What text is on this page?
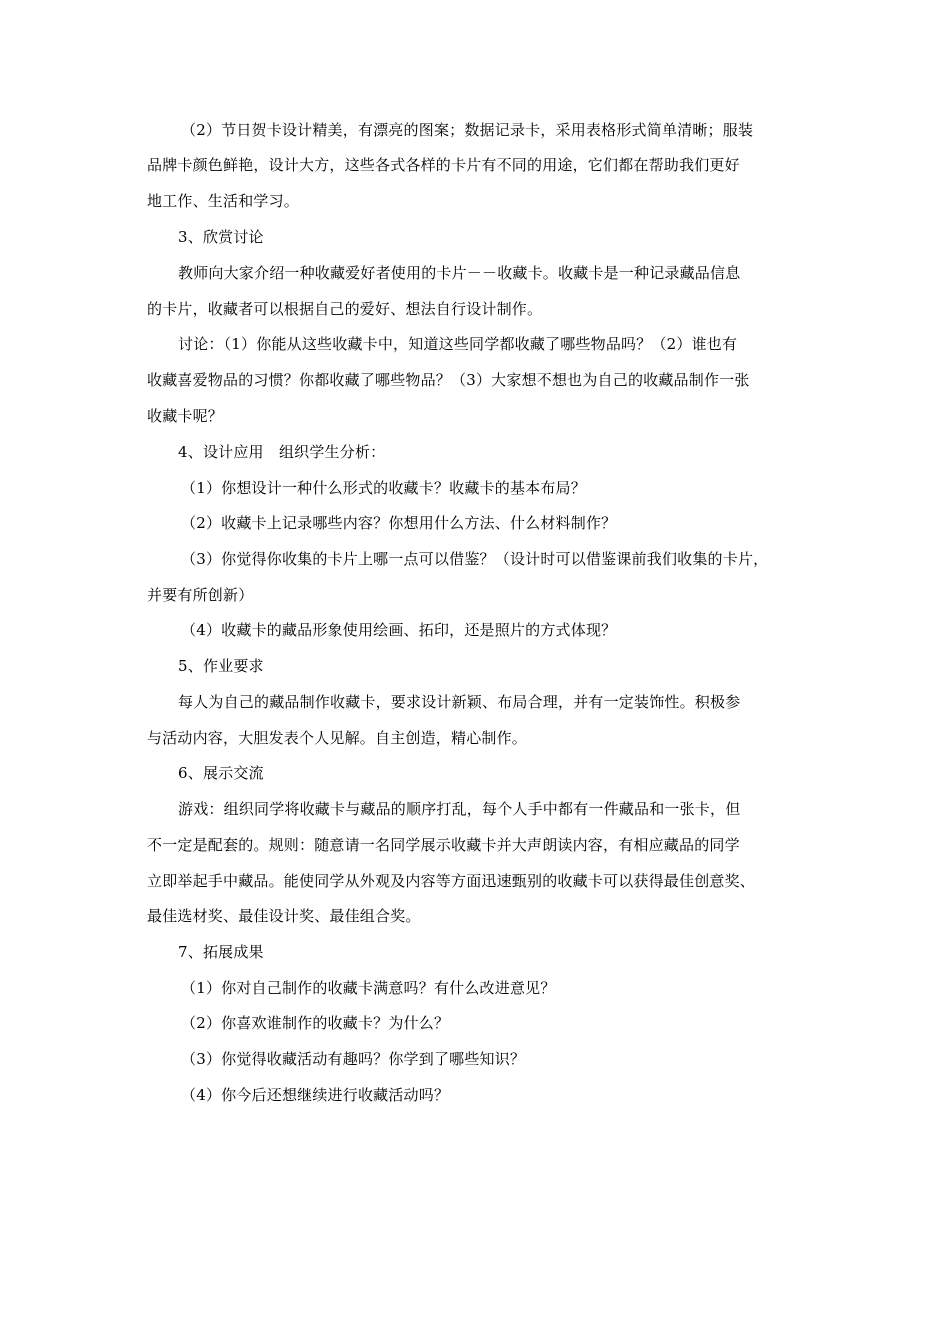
（2）节日贺卡设计精美，有漂亮的图案；数据记录卡，采用表格形式简单清晰；服装
品牌卡颜色鲜艳，设计大方，这些各式各样的卡片有不同的用途，它们都在帮助我们更好
地工作、生活和学习。
3、欣赏讨论
教师向大家介绍一种收藏爱好者使用的卡片－－收藏卡。收藏卡是一种记录藏品信息
的卡片，收藏者可以根据自己的爱好、想法自行设计制作。
讨论：（1）你能从这些收藏卡中，知道这些同学都收藏了哪些物品吗？（2）谁也有
收藏喜爱物品的习惯？你都收藏了哪些物品？（3）大家想不想也为自己的收藏品制作一张
收藏卡呢？
4、设计应用　组织学生分析：
（1）你想设计一种什么形式的收藏卡？收藏卡的基本布局？
（2）收藏卡上记录哪些内容？你想用什么方法、什么材料制作？
（3）你觉得你收集的卡片上哪一点可以借鉴？（设计时可以借鉴课前我们收集的卡片，
并要有所创新）
（4）收藏卡的藏品形象使用绘画、拓印，还是照片的方式体现？
5、作业要求
每人为自己的藏品制作收藏卡，要求设计新颖、布局合理，并有一定装饰性。积极参
与活动内容，大胆发表个人见解。自主创造，精心制作。
6、展示交流
游戏：组织同学将收藏卡与藏品的顺序打乱，每个人手中都有一件藏品和一张卡，但
不一定是配套的。规则：随意请一名同学展示收藏卡并大声朗读内容，有相应藏品的同学
立即举起手中藏品。能使同学从外观及内容等方面迅速甄别的收藏卡可以获得最佳创意奖、
最佳选材奖、最佳设计奖、最佳组合奖。
7、拓展成果
（1）你对自己制作的收藏卡满意吗？有什么改进意见？
（2）你喜欢谁制作的收藏卡？为什么？
（3）你觉得收藏活动有趣吗？你学到了哪些知识？
（4）你今后还想继续进行收藏活动吗？
